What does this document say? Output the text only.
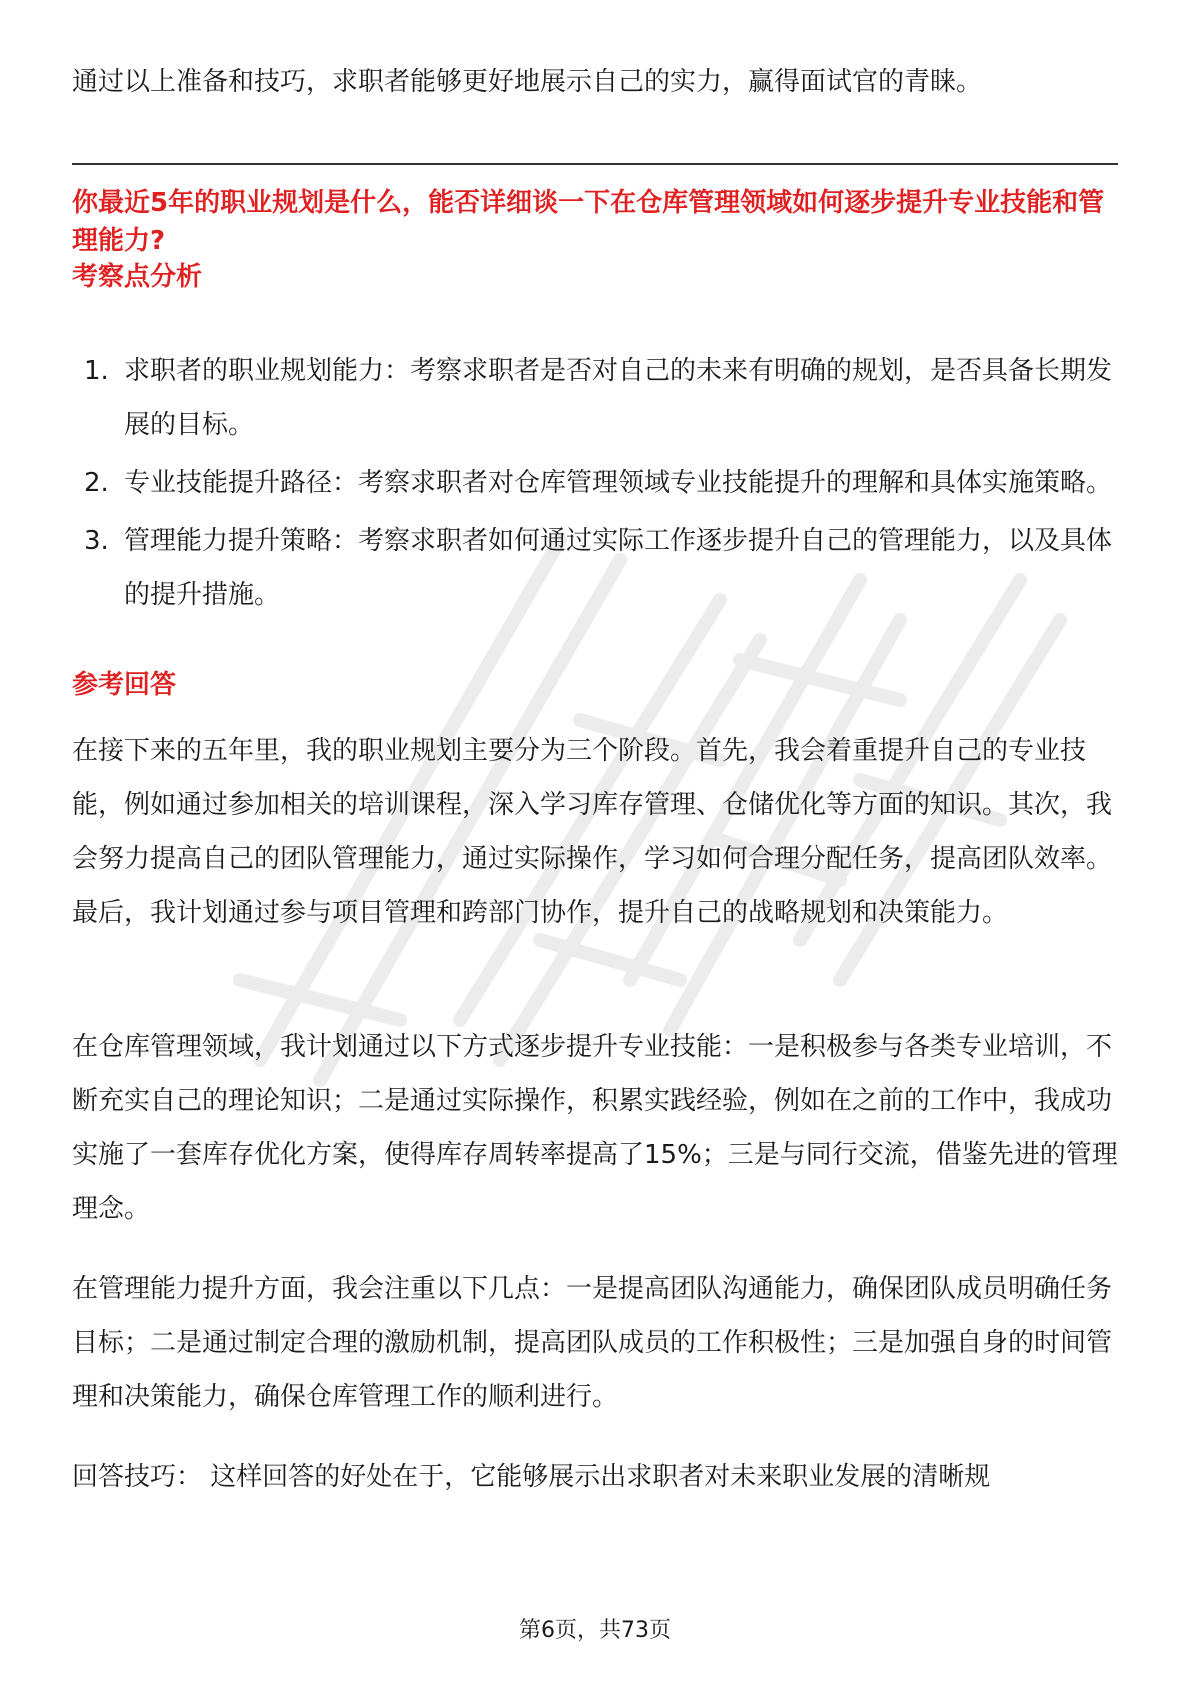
通过以上准备和技巧，求职者能够更好地展示自己的实力，赢得面试官的青睐。

你最近5年的职业规划是什么，能否详细谈一下在仓库管理领域如何逐步提升专业技能和管理能力?
考察点分析
1. 求职者的职业规划能力：考察求职者是否对自己的未来有明确的规划，是否具备长期发展的目标。
2. 专业技能提升路径：考察求职者对仓库管理领域专业技能提升的理解和具体实施策略。
3. 管理能力提升策略：考察求职者如何通过实际工作逐步提升自己的管理能力，以及具体的提升措施。
参考回答

在接下来的五年里，我的职业规划主要分为三个阶段。首先，我会着重提升自己的专业技能，例如通过参加相关的培训课程，深入学习库存管理、仓储优化等方面的知识。其次，我会努力提高自己的团队管理能力，通过实际操作，学习如何合理分配任务，提高团队效率。最后，我计划通过参与项目管理和跨部门协作，提升自己的战略规划和决策能力。

在仓库管理领域，我计划通过以下方式逐步提升专业技能：一是积极参与各类专业培训，不断充实自己的理论知识；二是通过实际操作，积累实践经验，例如在之前的工作中，我成功实施了一套库存优化方案，使得库存周转率提高了15%；三是与同行交流，借鉴先进的管理理念。

在管理能力提升方面，我会注重以下几点：一是提高团队沟通能力，确保团队成员明确任务目标；二是通过制定合理的激励机制，提高团队成员的工作积极性；三是加强自身的时间管理和决策能力，确保仓库管理工作的顺利进行。

回答技巧： 这样回答的好处在于，它能够展示出求职者对未来职业发展的清晰规

第6页，共73页
